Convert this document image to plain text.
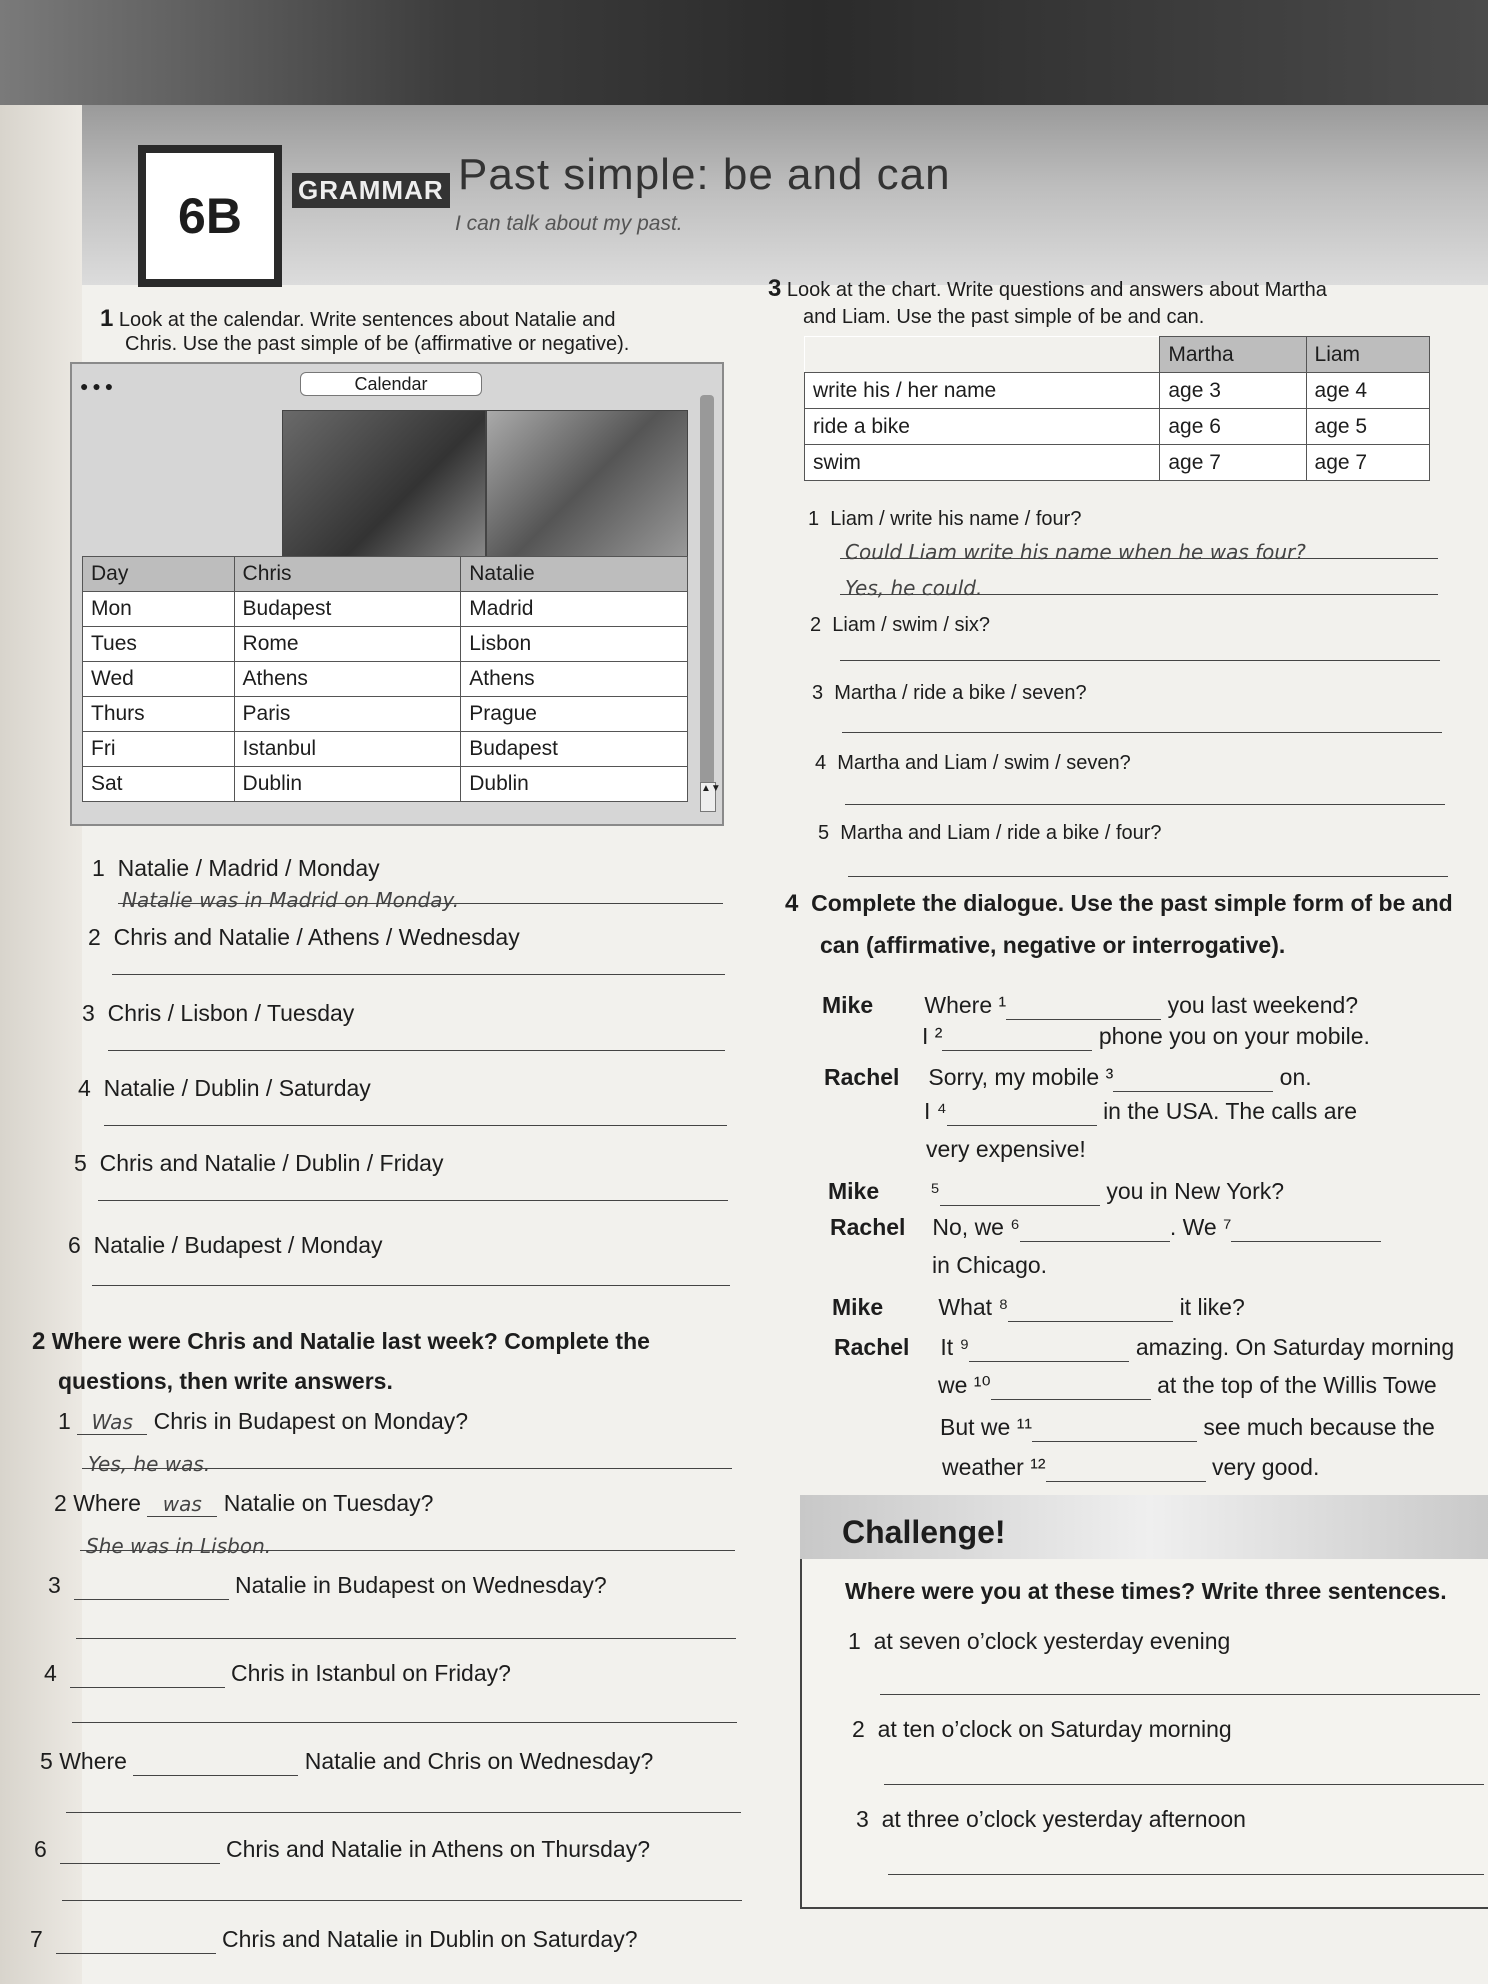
6B	GRAMMAR Past simple: be and can
I can talk about my past.
1 Look at the calendar. Write sentences about Natalie and
Chris. Use the past simple of be (affirmative or negative).
● ● ●	Calendar
▲▼
Day	Chris	Natalie
Mon	Budapest	Madrid
Tues	Rome	Lisbon
Wed	Athens	Athens
Thurs	Paris	Prague
Fri	Istanbul	Budapest
Sat	Dublin	Dublin
1 Natalie / Madrid / Monday
Natalie was in Madrid on Monday.
2 Chris and Natalie / Athens / Wednesday
3 Chris / Lisbon / Tuesday
4 Natalie / Dublin / Saturday
5 Chris and Natalie / Dublin / Friday
6 Natalie / Budapest / Monday
2 Where were Chris and Natalie last week? Complete the
questions, then write answers.
1 Was Chris in Budapest on Monday?
Yes, he was.
2 Where was Natalie on Tuesday?
She was in Lisbon.
3	Natalie in Budapest on Wednesday?
4	Chris in Istanbul on Friday?
5 Where	Natalie and Chris on Wednesday?
6	Chris and Natalie in Athens on Thursday?
7	Chris and Natalie in Dublin on Saturday?
3 Look at the chart. Write questions and answers about Martha
and Liam. Use the past simple of be and can.
	Martha	Liam
write his / her name	age 3	age 4
ride a bike	age 6	age 5
swim	age 7	age 7
1 Liam / write his name / four?
Could Liam write his name when he was four?
Yes, he could.
2 Liam / swim / six?
3 Martha / ride a bike / seven?
4 Martha and Liam / swim / seven?
5 Martha and Liam / ride a bike / four?
4 Complete the dialogue. Use the past simple form of be and
can (affirmative, negative or interrogative).
Mike Where ¹	you last weekend?
I ²	phone you on your mobile.
Rachel Sorry, my mobile ³	on.
I ⁴	in the USA. The calls are
very expensive!
Mike ⁵	you in New York?
Rachel No, we ⁶	. We ⁷
in Chicago.
Mike What ⁸	it like?
Rachel It ⁹	amazing. On Saturday morning
we ¹⁰	at the top of the Willis Towe
But we ¹¹	see much because the
weather ¹²	very good.
Challenge!
Where were you at these times? Write three sentences.
1 at seven o’clock yesterday evening
2 at ten o’clock on Saturday morning
3 at three o’clock yesterday afternoon
